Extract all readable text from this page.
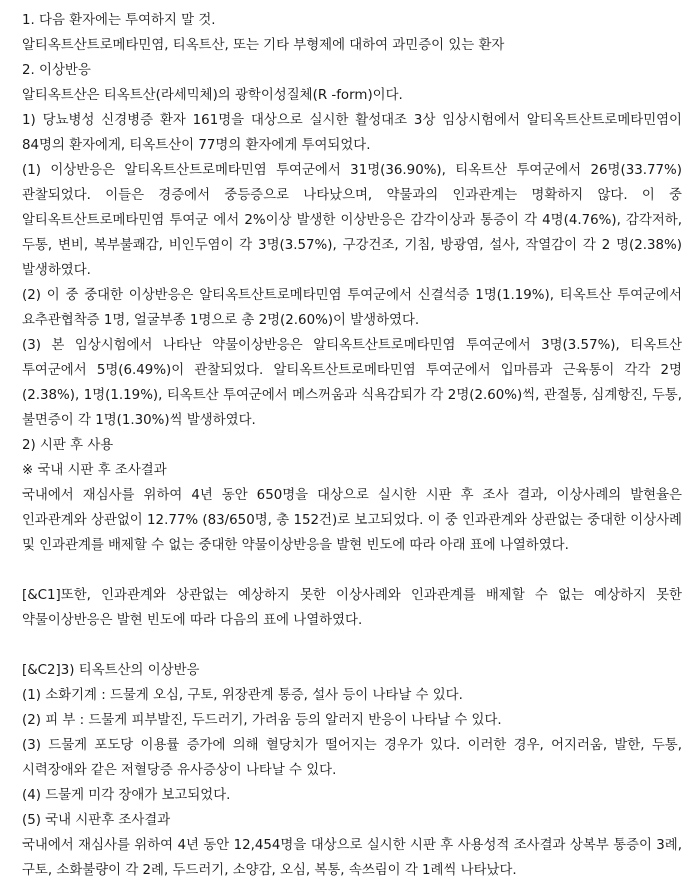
1. 다음 환자에는 투여하지 말 것.

알티옥트산트로메타민염, 티옥트산, 또는 기타 부형제에 대하여 과민증이 있는 환자

2. 이상반응

알티옥트산은 티옥트산(라세믹체)의 광학이성질체(R -form)이다.

1) 당뇨병성 신경병증 환자 161명을 대상으로 실시한 활성대조 3상 임상시험에서 알티옥트산트로메타민염이 84명의 환자에게, 티옥트산이 77명의 환자에게 투여되었다.

(1) 이상반응은 알티옥트산트로메타민염 투여군에서 31명(36.90%), 티옥트산 투여군에서 26명(33.77%) 관찰되었다. 이들은 경증에서 중등증으로 나타났으며, 약물과의 인과관계는 명확하지 않다. 이 중 알티옥트산트로메타민염 투여군 에서 2%이상 발생한 이상반응은 감각이상과 통증이 각 4명(4.76%), 감각저하, 두통, 변비, 복부불쾌감, 비인두염이 각 3명(3.57%), 구강건조, 기침, 방광염, 설사, 작열감이 각 2 명(2.38%) 발생하였다.

(2) 이 중 중대한 이상반응은 알티옥트산트로메타민염 투여군에서 신결석증 1명(1.19%), 티옥트산 투여군에서 요추관협착증 1명, 얼굴부종 1명으로 총 2명(2.60%)이 발생하였다.

(3) 본 임상시험에서 나타난 약물이상반응은 알티옥트산트로메타민염 투여군에서 3명(3.57%), 티옥트산 투여군에서 5명(6.49%)이 관찰되었다. 알티옥트산트로메타민염 투여군에서 입마름과 근육통이 각각 2명(2.38%), 1명(1.19%), 티옥트산 투여군에서 메스꺼움과 식욕감퇴가 각 2명(2.60%)씩, 관절통, 심계항진, 두통, 불면증이 각 1명(1.30%)씩 발생하였다.

2) 시판 후 사용

※ 국내 시판 후 조사결과

국내에서 재심사를 위하여 4년 동안 650명을 대상으로 실시한 시판 후 조사 결과, 이상사례의 발현율은 인과관계와 상관없이 12.77% (83/650명, 총 152건)로 보고되었다. 이 중 인과관계와 상관없는 중대한 이상사례 및 인과관계를 배제할 수 없는 중대한 약물이상반응을 발현 빈도에 따라 아래 표에 나열하였다.

[&C1]또한, 인과관계와 상관없는 예상하지 못한 이상사례와 인과관계를 배제할 수 없는 예상하지 못한 약물이상반응은 발현 빈도에 따라 다음의 표에 나열하였다.

[&C2]3) 티옥트산의 이상반응

(1) 소화기계 : 드물게 오심, 구토, 위장관계 통증, 설사 등이 나타날 수 있다.

(2) 피 부 : 드물게 피부발진, 두드러기, 가려움 등의 알러지 반응이 나타날 수 있다.

(3) 드물게 포도당 이용률 증가에 의해 혈당치가 떨어지는 경우가 있다. 이러한 경우, 어지러움, 발한, 두통, 시력장애와 같은 저혈당증 유사증상이 나타날 수 있다.

(4) 드물게 미각 장애가 보고되었다.

(5) 국내 시판후 조사결과

국내에서 재심사를 위하여 4년 동안 12,454명을 대상으로 실시한 시판 후 사용성적 조사결과 상복부 통증이 3례, 구토, 소화불량이 각 2례, 두드러기, 소양감, 오심, 복통, 속쓰림이 각 1례씩 나타났다.
